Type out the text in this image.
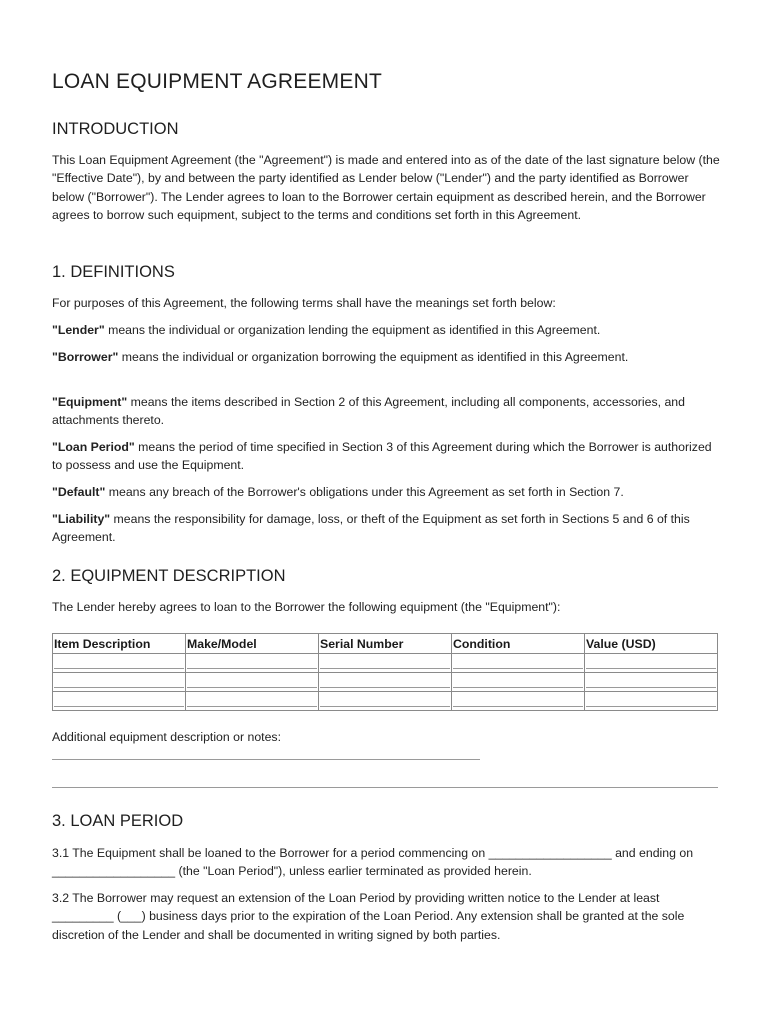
LOAN EQUIPMENT AGREEMENT
INTRODUCTION

This Loan Equipment Agreement (the "Agreement") is made and entered into as of the date of the last signature below (the "Effective Date"), by and between the party identified as Lender below ("Lender") and the party identified as Borrower below ("Borrower"). The Lender agrees to loan to the Borrower certain equipment as described herein, and the Borrower agrees to borrow such equipment, subject to the terms and conditions set forth in this Agreement.

1. DEFINITIONS

For purposes of this Agreement, the following terms shall have the meanings set forth below:

"Lender" means the individual or organization lending the equipment as identified in this Agreement.

"Borrower" means the individual or organization borrowing the equipment as identified in this Agreement.

"Equipment" means the items described in Section 2 of this Agreement, including all components, accessories, and attachments thereto.

"Loan Period" means the period of time specified in Section 3 of this Agreement during which the Borrower is authorized to possess and use the Equipment.

"Default" means any breach of the Borrower's obligations under this Agreement as set forth in Section 7.

"Liability" means the responsibility for damage, loss, or theft of the Equipment as set forth in Sections 5 and 6 of this Agreement.

2. EQUIPMENT DESCRIPTION

The Lender hereby agrees to loan to the Borrower the following equipment (the "Equipment"):

Item Description	Make/Model	Serial Number	Condition	Value (USD)

Additional equipment description or notes:

3. LOAN PERIOD

3.1 The Equipment shall be loaned to the Borrower for a period commencing on __________________ and ending on __________________ (the "Loan Period"), unless earlier terminated as provided herein.

3.2 The Borrower may request an extension of the Loan Period by providing written notice to the Lender at least _________ (___) business days prior to the expiration of the Loan Period. Any extension shall be granted at the sole discretion of the Lender and shall be documented in writing signed by both parties.
